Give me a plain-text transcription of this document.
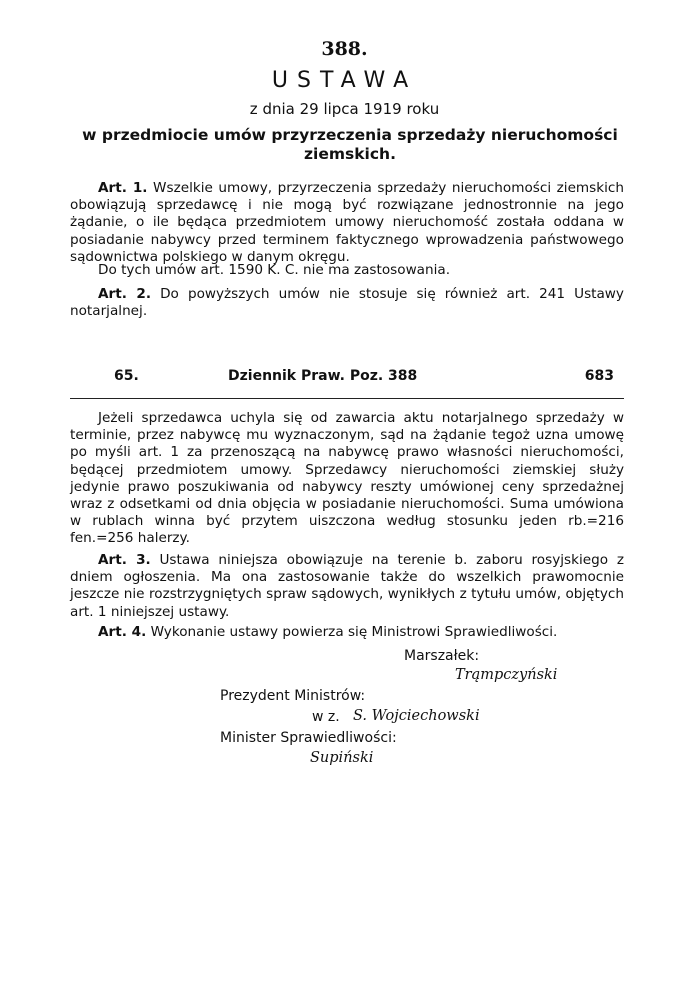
388.
USTAWA
z dnia 29 lipca 1919 roku
w przedmiocie umów przyrzeczenia sprzedaży nieruchomości ziemskich.
Art. 1. Wszelkie umowy, przyrzeczenia sprzedaży nieruchomości ziemskich obowiązują sprzedawcę i nie mogą być rozwiązane jednostronnie na jego żądanie, o ile będąca przedmiotem umowy nieruchomość została oddana w posiadanie nabywcy przed terminem faktycznego wprowadzenia państwowego sądownictwa polskiego w danym okręgu.
Do tych umów art. 1590 K. C. nie ma zastosowania.
Art. 2. Do powyższych umów nie stosuje się również art. 241 Ustawy notarjalnej.
65.	Dziennik Praw. Poz. 388	683
Jeżeli sprzedawca uchyla się od zawarcia aktu notarjalnego sprzedaży w terminie, przez nabywcę mu wyznaczonym, sąd na żądanie tegoż uzna umowę po myśli art. 1 za przenoszącą na nabywcę prawo własności nieruchomości, będącej przedmiotem umowy. Sprzedawcy nieruchomości ziemskiej służy jedynie prawo poszukiwania od nabywcy reszty umówionej ceny sprzedażnej wraz z odsetkami od dnia objęcia w posiadanie nieruchomości. Suma umówiona w rublach winna być przytem uiszczona według stosunku jeden rb.=216 fen.=256 halerzy.
Art. 3. Ustawa niniejsza obowiązuje na terenie b. zaboru rosyjskiego z dniem ogłoszenia. Ma ona zastosowanie także do wszelkich prawomocnie jeszcze nie rozstrzygniętych spraw sądowych, wynikłych z tytułu umów, objętych art. 1 niniejszej ustawy.
Art. 4. Wykonanie ustawy powierza się Ministrowi Sprawiedliwości.
Marszałek:
Trąmpczyński
Prezydent Ministrów:
w z. S. Wojciechowski
Minister Sprawiedliwości:
Supiński
